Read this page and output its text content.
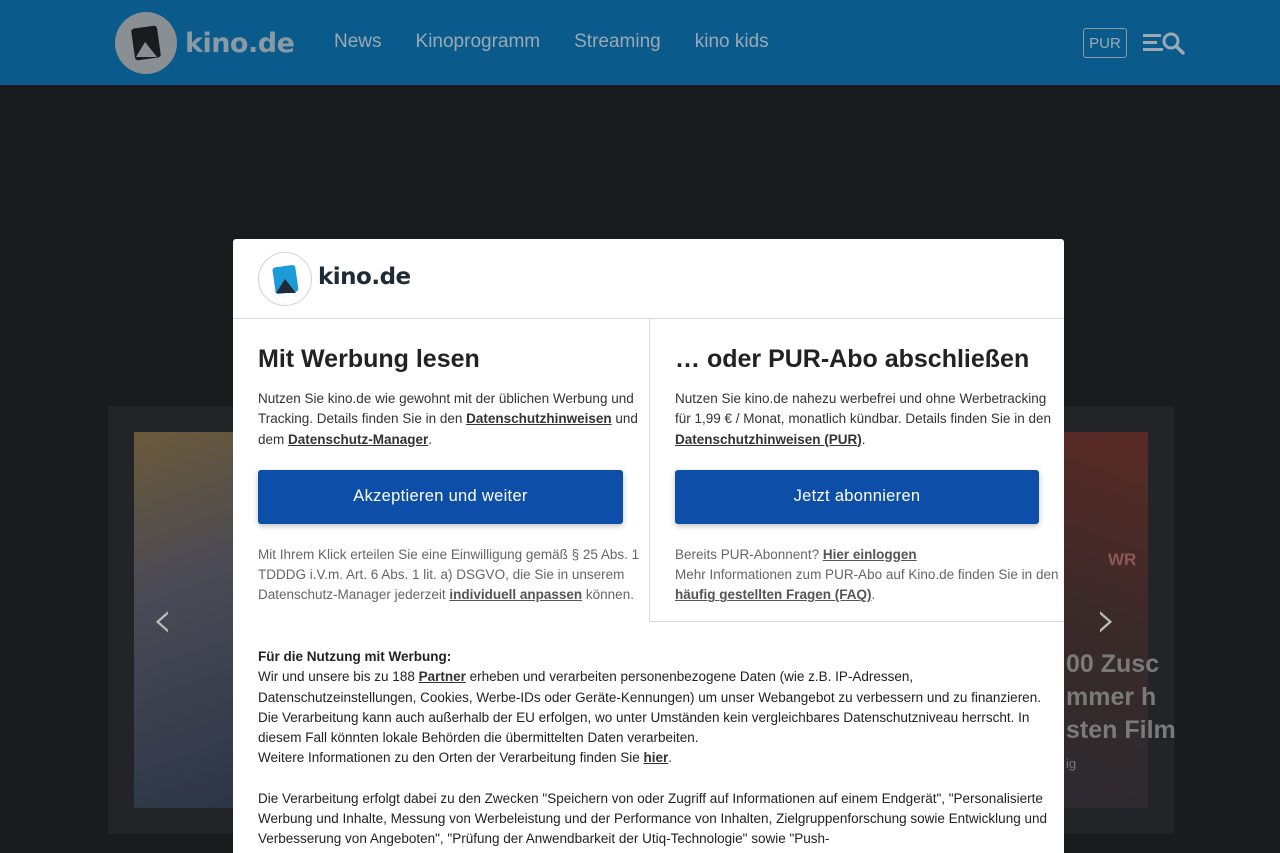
kino.de News Kinoprogramm Streaming kino kids	PUR
‹	›
WR
00 Zusc
mmer h
sten Film
ig
kino.de
Mit Werbung lesen

Nutzen Sie kino.de wie gewohnt mit der üblichen Werbung und Tracking. Details finden Sie in den Datenschutzhinweisen und dem Datenschutz-Manager.

Akzeptieren und weiter

Mit Ihrem Klick erteilen Sie eine Einwilligung gemäß § 25 Abs. 1 TDDDG i.V.m. Art. 6 Abs. 1 lit. a) DSGVO, die Sie in unserem Datenschutz-Manager jederzeit individuell anpassen können.

… oder PUR-Abo abschließen

Nutzen Sie kino.de nahezu werbefrei und ohne Werbetracking für 1,99 € / Monat, monatlich kündbar. Details finden Sie in den Datenschutzhinweisen (PUR).

Jetzt abonnieren

Bereits PUR-Abonnent? Hier einloggen
Mehr Informationen zum PUR-Abo auf Kino.de finden Sie in den häufig gestellten Fragen (FAQ).

Für die Nutzung mit Werbung:

Wir und unsere bis zu 188 Partner erheben und verarbeiten personenbezogene Daten (wie z.B. IP-Adressen, Datenschutzeinstellungen, Cookies, Werbe-IDs oder Geräte-Kennungen) um unser Webangebot zu verbessern und zu finanzieren. Die Verarbeitung kann auch außerhalb der EU erfolgen, wo unter Umständen kein vergleichbares Datenschutzniveau herrscht. In diesem Fall könnten lokale Behörden die übermittelten Daten verarbeiten.

Weitere Informationen zu den Orten der Verarbeitung finden Sie hier.

Die Verarbeitung erfolgt dabei zu den Zwecken "Speichern von oder Zugriff auf Informationen auf einem Endgerät", "Personalisierte Werbung und Inhalte, Messung von Werbeleistung und der Performance von Inhalten, Zielgruppenforschung sowie Entwicklung und Verbesserung von Angeboten", "Prüfung der Anwendbarkeit der Utiq-Technologie" sowie "Push-
